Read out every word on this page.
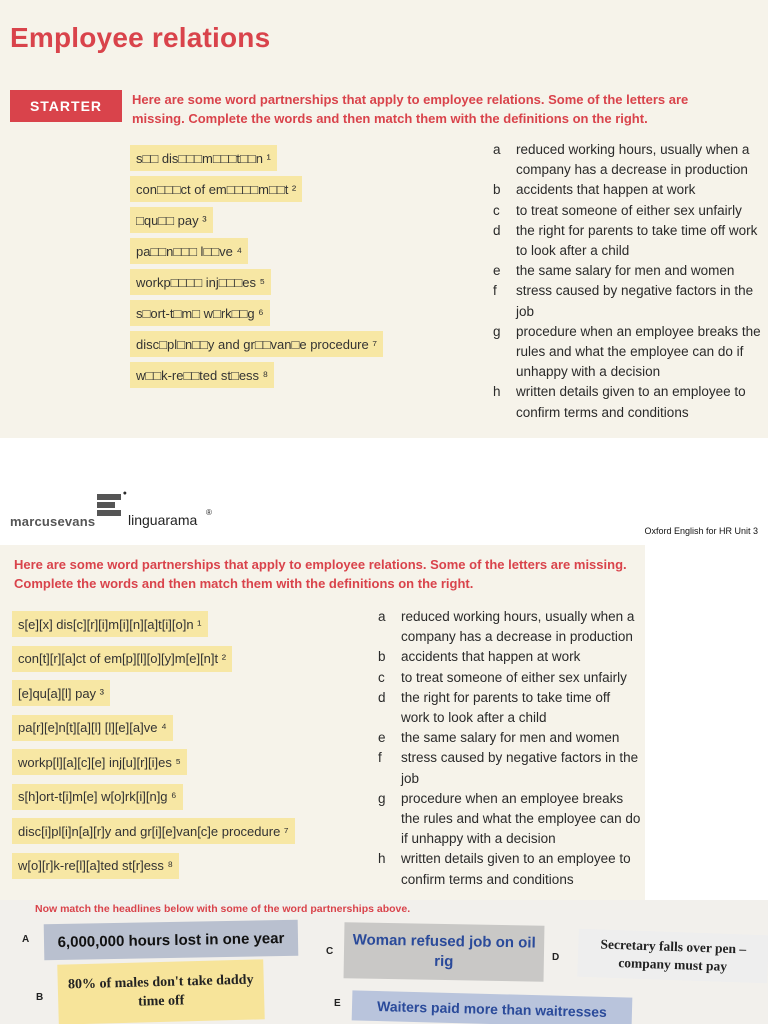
Employee relations
STARTER	Here are some word partnerships that apply to employee relations. Some of the letters are missing. Complete the words and then match them with the definitions on the right.
s□□ dis□□□m□□□t□□n ¹
con□□□ct of em□□□□m□□t ²
□qu□□ pay ³
pa□□n□□□ l□□ve ⁴
workp□□□□ inj□□□es ⁵
s□ort-t□m□ w□rk□□g ⁶
disc□pl□n□□y and gr□□van□e procedure ⁷
w□□k-re□□ted st□ess ⁸
a	reduced working hours, usually when a company has a decrease in production
b	accidents that happen at work
c	to treat someone of either sex unfairly
d	the right for parents to take time off work to look after a child
e	the same salary for men and women
f	stress caused by negative factors in the job
g	procedure when an employee breaks the rules and what the employee can do if unhappy with a decision
h	written details given to an employee to confirm terms and conditions
●
marcusevans linguarama ®
Oxford English for HR Unit 3
Here are some word partnerships that apply to employee relations. Some of the letters are missing. Complete the words and then match them with the definitions on the right.
s[e][x] dis[c][r][i]m[i][n][a]t[i][o]n ¹
con[t][r][a]ct of em[p][l][o][y]m[e][n]t ²
[e]qu[a][l] pay ³
pa[r][e]n[t][a][l] [l][e][a]ve ⁴
workp[l][a][c][e] inj[u][r][i]es ⁵
s[h]ort-t[i]m[e] w[o]rk[i][n]g ⁶
disc[i]pl[i]n[a][r]y and gr[i][e]van[c]e procedure ⁷
w[o][r]k-re[l][a]ted st[r]ess ⁸
a	reduced working hours, usually when a company has a decrease in production
b	accidents that happen at work
c	to treat someone of either sex unfairly
d	the right for parents to take time off work to look after a child
e	the same salary for men and women
f	stress caused by negative factors in the job
g	procedure when an employee breaks the rules and what the employee can do if unhappy with a decision
h	written details given to an employee to confirm terms and conditions
Now match the headlines below with some of the word partnerships above.
A	6,000,000 hours lost in one year
B
80% of males don't take daddy time off
C	Woman refused job on oil rig	D
Secretary falls over pen – company must pay
E	Waiters paid more than waitresses
